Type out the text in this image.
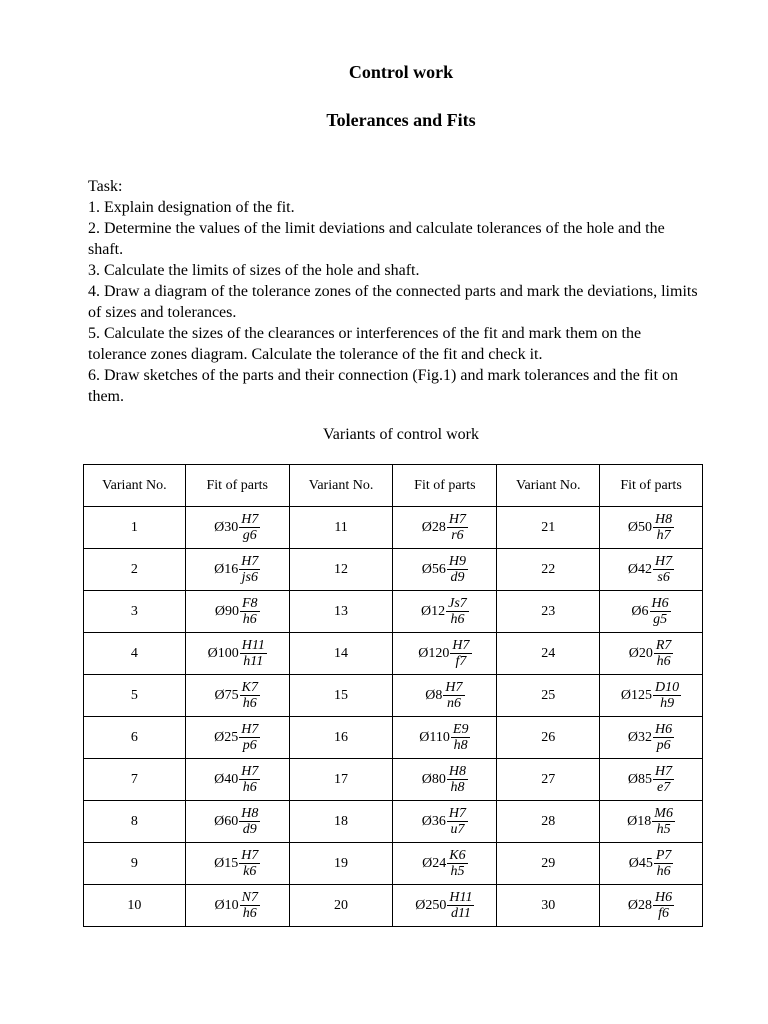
Control work
Tolerances and Fits

Task:

1. Explain designation of the fit.

2. Determine the values of the limit deviations and calculate tolerances of the hole and the shaft.

3. Calculate the limits of sizes of the hole and shaft.

4. Draw a diagram of the tolerance zones of the connected parts and mark the deviations, limits of sizes and tolerances.

5. Calculate the sizes of the clearances or interferences of the fit and mark them on the tolerance zones diagram. Calculate the tolerance of the fit and check it.

6. Draw sketches of the parts and their connection (Fig.1) and mark tolerances and the fit on them.

Variants of control work
Variant No.	Fit of parts	Variant No.	Fit of parts	Variant No.	Fit of parts
1	Ø30 $\frac{H7}{g6}$	11	Ø28 $\frac{H7}{r6}$	21	Ø50 $\frac{H8}{h7}$

2	Ø16 $\frac{H7}{js6}$	12	Ø56 $\frac{H9}{d9}$	22	Ø42 $\frac{H7}{s6}$

3	Ø90 $\frac{F8}{h6}$	13	Ø12 $\frac{Js7}{h6}$	23	Ø6 $\frac{H6}{g5}$

4	Ø100 $\frac{H11}{h11}$	14	Ø120 $\frac{H7}{f7}$	24	Ø20 $\frac{R7}{h6}$

5	Ø75 $\frac{K7}{h6}$	15	Ø8 $\frac{H7}{n6}$	25	Ø125 $\frac{D10}{h9}$

6	Ø25 $\frac{H7}{p6}$	16	Ø110 $\frac{E9}{h8}$	26	Ø32 $\frac{H6}{p6}$

7	Ø40 $\frac{H7}{h6}$	17	Ø80 $\frac{H8}{h8}$	27	Ø85 $\frac{H7}{e7}$

8	Ø60 $\frac{H8}{d9}$	18	Ø36 $\frac{H7}{u7}$	28	Ø18 $\frac{M6}{h5}$

9	Ø15 $\frac{H7}{k6}$	19	Ø24 $\frac{K6}{h5}$	29	Ø45 $\frac{P7}{h6}$

10	Ø10 $\frac{N7}{h6}$	20	Ø250 $\frac{H11}{d11}$	30	Ø28 $\frac{H6}{f6}$
